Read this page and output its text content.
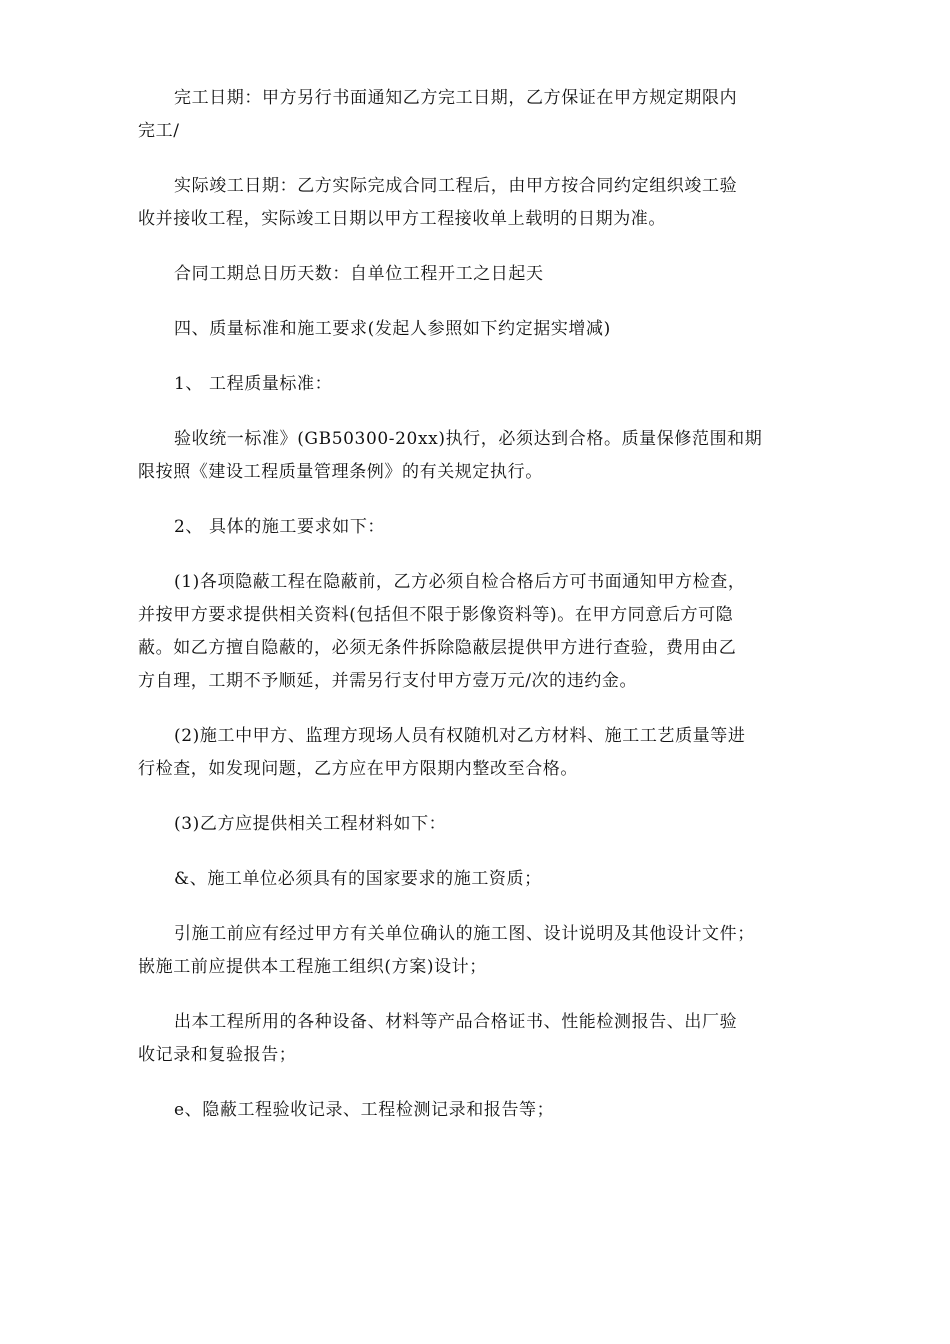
完工日期：甲方另行书面通知乙方完工日期，乙方保证在甲方规定期限内
完工/
实际竣工日期：乙方实际完成合同工程后，由甲方按合同约定组织竣工验
收并接收工程，实际竣工日期以甲方工程接收单上载明的日期为准。
合同工期总日历天数：自单位工程开工之日起天
四、质量标准和施工要求(发起人参照如下约定据实增减)
1、 工程质量标准：
验收统一标准》(GB50300-20xx)执行，必须达到合格。质量保修范围和期
限按照《建设工程质量管理条例》的有关规定执行。
2、 具体的施工要求如下：
(1)各项隐蔽工程在隐蔽前，乙方必须自检合格后方可书面通知甲方检查，
并按甲方要求提供相关资料(包括但不限于影像资料等)。在甲方同意后方可隐
蔽。如乙方擅自隐蔽的，必须无条件拆除隐蔽层提供甲方进行查验，费用由乙
方自理，工期不予顺延，并需另行支付甲方壹万元/次的违约金。
(2)施工中甲方、监理方现场人员有权随机对乙方材料、施工工艺质量等进
行检查，如发现问题，乙方应在甲方限期内整改至合格。
(3)乙方应提供相关工程材料如下：
&、施工单位必须具有的国家要求的施工资质；
引施工前应有经过甲方有关单位确认的施工图、设计说明及其他设计文件；
嵌施工前应提供本工程施工组织(方案)设计；
出本工程所用的各种设备、材料等产品合格证书、性能检测报告、出厂验
收记录和复验报告；
e、隐蔽工程验收记录、工程检测记录和报告等；
